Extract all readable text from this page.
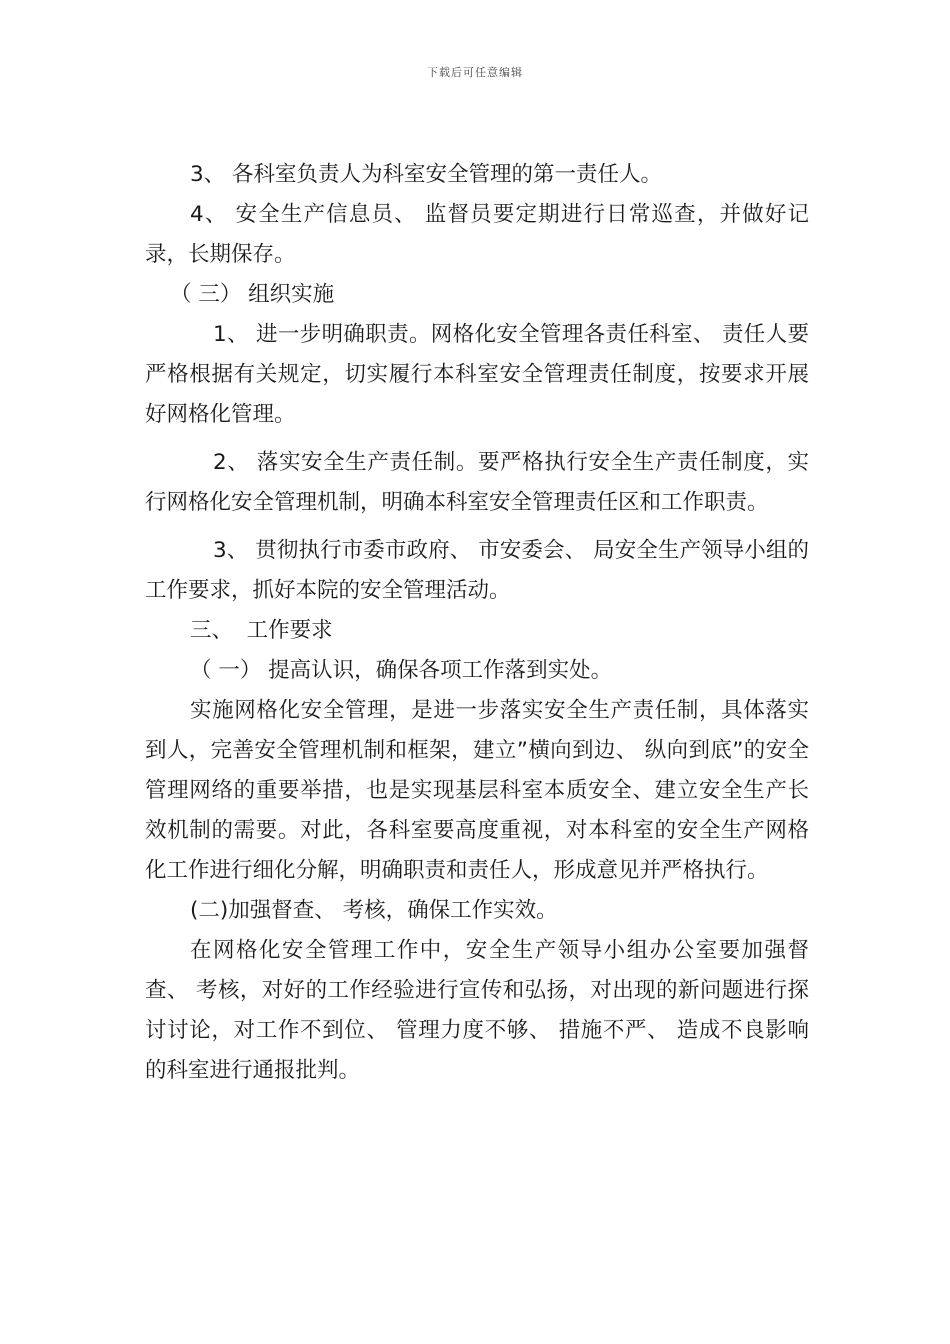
下载后可任意编辑

3、 各科室负责人为科室安全管理的第一责任人。

4、 安全生产信息员、 监督员要定期进行日常巡查，并做好记录，长期保存。

（ 三） 组织实施

1、 进一步明确职责。网格化安全管理各责任科室、 责任人要严格根据有关规定，切实履行本科室安全管理责任制度，按要求开展好网格化管理。

2、 落实安全生产责任制。要严格执行安全生产责任制度，实行网格化安全管理机制，明确本科室安全管理责任区和工作职责。

3、 贯彻执行市委市政府、 市安委会、 局安全生产领导小组的工作要求，抓好本院的安全管理活动。

三、  工作要求

（ 一） 提高认识，确保各项工作落到实处。

实施网格化安全管理，是进一步落实安全生产责任制，具体落实到人，完善安全管理机制和框架，建立”横向到边、 纵向到底”的安全管理网络的重要举措，也是实现基层科室本质安全、建立安全生产长效机制的需要。对此，各科室要高度重视，对本科室的安全生产网格化工作进行细化分解，明确职责和责任人，形成意见并严格执行。

(二)加强督查、 考核，确保工作实效。

在网格化安全管理工作中，安全生产领导小组办公室要加强督查、 考核，对好的工作经验进行宣传和弘扬，对出现的新问题进行探讨讨论，对工作不到位、 管理力度不够、 措施不严、 造成不良影响的科室进行通报批判。
